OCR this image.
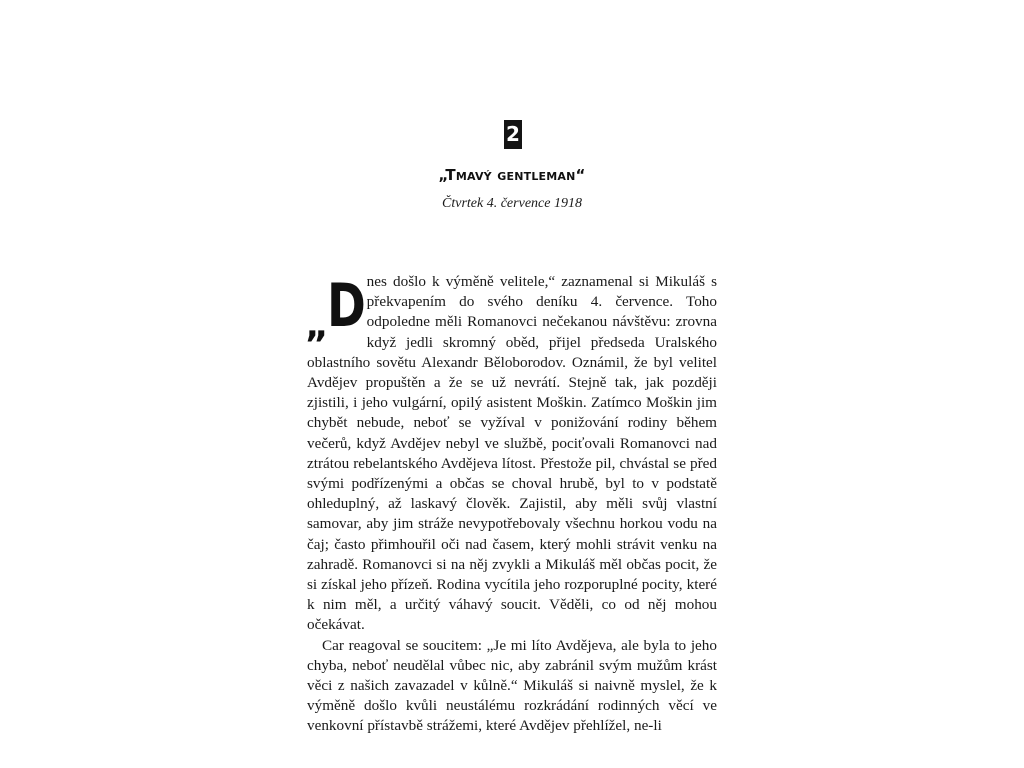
2
„Tmavý gentleman“
Čtvrtek 4. července 1918

„
D nes došlo k výměně velitele,“ zaznamenal si Mikuláš s překvapením do svého deníku 4. července. Toho odpoledne měli Romanovci nečekanou návštěvu: zrovna když jedli skromný oběd, přijel předseda Uralského oblastního sovětu Alexandr Běloborodov. Oznámil, že byl velitel Avdějev propuštěn a že se už nevrátí. Stejně tak, jak později zjistili, i jeho vulgární, opilý asistent Moškin. Zatímco Moškin jim chybět nebude, neboť se vyžíval v ponižování rodiny během večerů, když Avdějev nebyl ve službě, pociťovali Romanovci nad ztrátou rebelantského Avdějeva lítost. Přestože pil, chvástal se před svými podřízenými a občas se choval hrubě, byl to v podstatě ohleduplný, až laskavý člověk. Zajistil, aby měli svůj vlastní samovar, aby jim stráže nevypotřebovaly všechnu horkou vodu na čaj; často přimhouřil oči nad časem, který mohli strávit venku na zahradě. Romanovci si na něj zvykli a Mikuláš měl občas pocit, že si získal jeho přízeň. Rodina vycítila jeho rozporuplné pocity, které k nim měl, a určitý váhavý soucit. Věděli, co od něj mohou očekávat.

Car reagoval se soucitem: „Je mi líto Avdějeva, ale byla to jeho chyba, neboť neudělal vůbec nic, aby zabránil svým mužům krást věci z našich zavazadel v kůlně.“ Mikuláš si naivně myslel, že k výměně došlo kvůli neustálému rozkrádání rodinných věcí ve venkovní přístavbě strážemi, které Avdějev přehlížel, ne-li
